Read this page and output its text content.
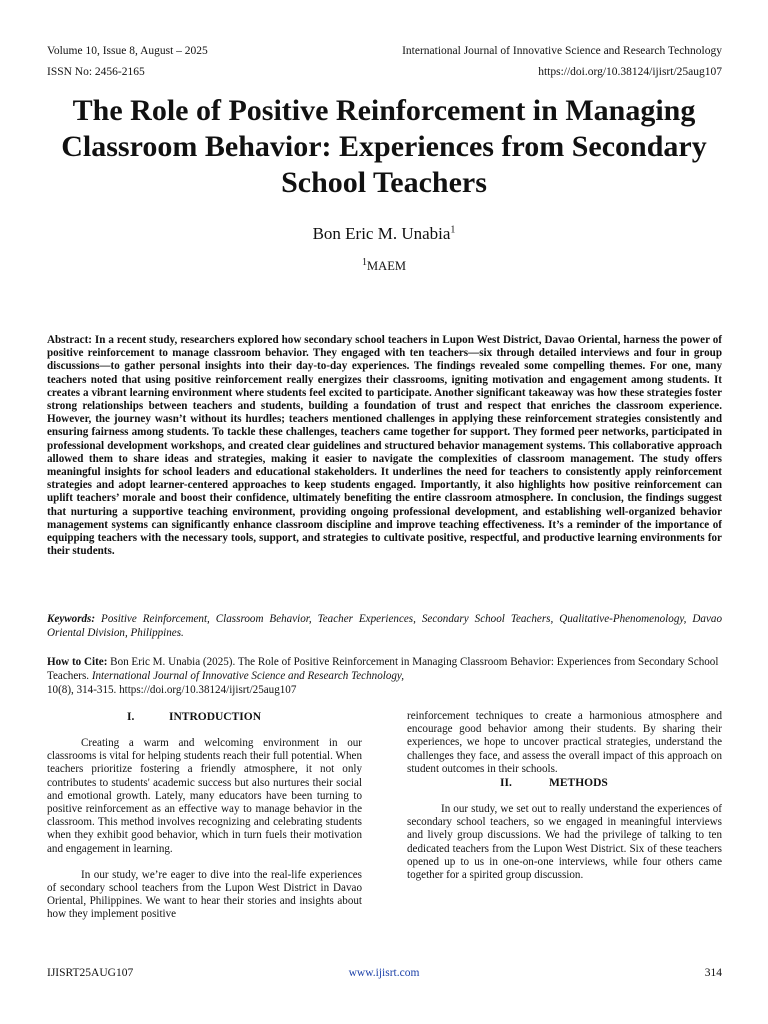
Volume 10, Issue 8, August – 2025
ISSN No: 2456-2165
International Journal of Innovative Science and Research Technology
https://doi.org/10.38124/ijisrt/25aug107
The Role of Positive Reinforcement in Managing Classroom Behavior: Experiences from Secondary School Teachers
Bon Eric M. Unabia$^1$
$^1$MAEM

Abstract: In a recent study, researchers explored how secondary school teachers in Lupon West District, Davao Oriental, harness the power of positive reinforcement to manage classroom behavior. They engaged with ten teachers—six through detailed interviews and four in group discussions—to gather personal insights into their day-to-day experiences. The findings revealed some compelling themes. For one, many teachers noted that using positive reinforcement really energizes their classrooms, igniting motivation and engagement among students. It creates a vibrant learning environment where students feel excited to participate. Another significant takeaway was how these strategies foster strong relationships between teachers and students, building a foundation of trust and respect that enriches the classroom experience. However, the journey wasn’t without its hurdles; teachers mentioned challenges in applying these reinforcement strategies consistently and ensuring fairness among students. To tackle these challenges, teachers came together for support. They formed peer networks, participated in professional development workshops, and created clear guidelines and structured behavior management systems. This collaborative approach allowed them to share ideas and strategies, making it easier to navigate the complexities of classroom management. The study offers meaningful insights for school leaders and educational stakeholders. It underlines the need for teachers to consistently apply reinforcement strategies and adopt learner-centered approaches to keep students engaged. Importantly, it also highlights how positive reinforcement can uplift teachers’ morale and boost their confidence, ultimately benefiting the entire classroom atmosphere. In conclusion, the findings suggest that nurturing a supportive teaching environment, providing ongoing professional development, and establishing well-organized behavior management systems can significantly enhance classroom discipline and improve teaching effectiveness. It’s a reminder of the importance of equipping teachers with the necessary tools, support, and strategies to cultivate positive, respectful, and productive learning environments for their students.

Keywords: Positive Reinforcement, Classroom Behavior, Teacher Experiences, Secondary School Teachers, Qualitative-Phenomenology, Davao Oriental Division, Philippines.

How to Cite: Bon Eric M. Unabia (2025). The Role of Positive Reinforcement in Managing Classroom Behavior: Experiences from Secondary School Teachers. International Journal of Innovative Science and Research Technology,
10(8), 314-315. https://doi.org/10.38124/ijisrt/25aug107

I.	INTRODUCTION

Creating a warm and welcoming environment in our classrooms is vital for helping students reach their full potential. When teachers prioritize fostering a friendly atmosphere, it not only contributes to students' academic success but also nurtures their social and emotional growth. Lately, many educators have been turning to positive reinforcement as an effective way to manage behavior in the classroom. This method involves recognizing and celebrating students when they exhibit good behavior, which in turn fuels their motivation and engagement in learning.

In our study, we’re eager to dive into the real-life experiences of secondary school teachers from the Lupon West District in Davao Oriental, Philippines. We want to hear their stories and insights about how they implement positive

reinforcement techniques to create a harmonious atmosphere and encourage good behavior among their students. By sharing their experiences, we hope to uncover practical strategies, understand the challenges they face, and assess the overall impact of this approach on student outcomes in their schools.

II.	METHODS

In our study, we set out to really understand the experiences of secondary school teachers, so we engaged in meaningful interviews and lively group discussions. We had the privilege of talking to ten dedicated teachers from the Lupon West District. Six of these teachers opened up to us in one-on-one interviews, while four others came together for a spirited group discussion.

IJISRT25AUG107	www.ijisrt.com	314
